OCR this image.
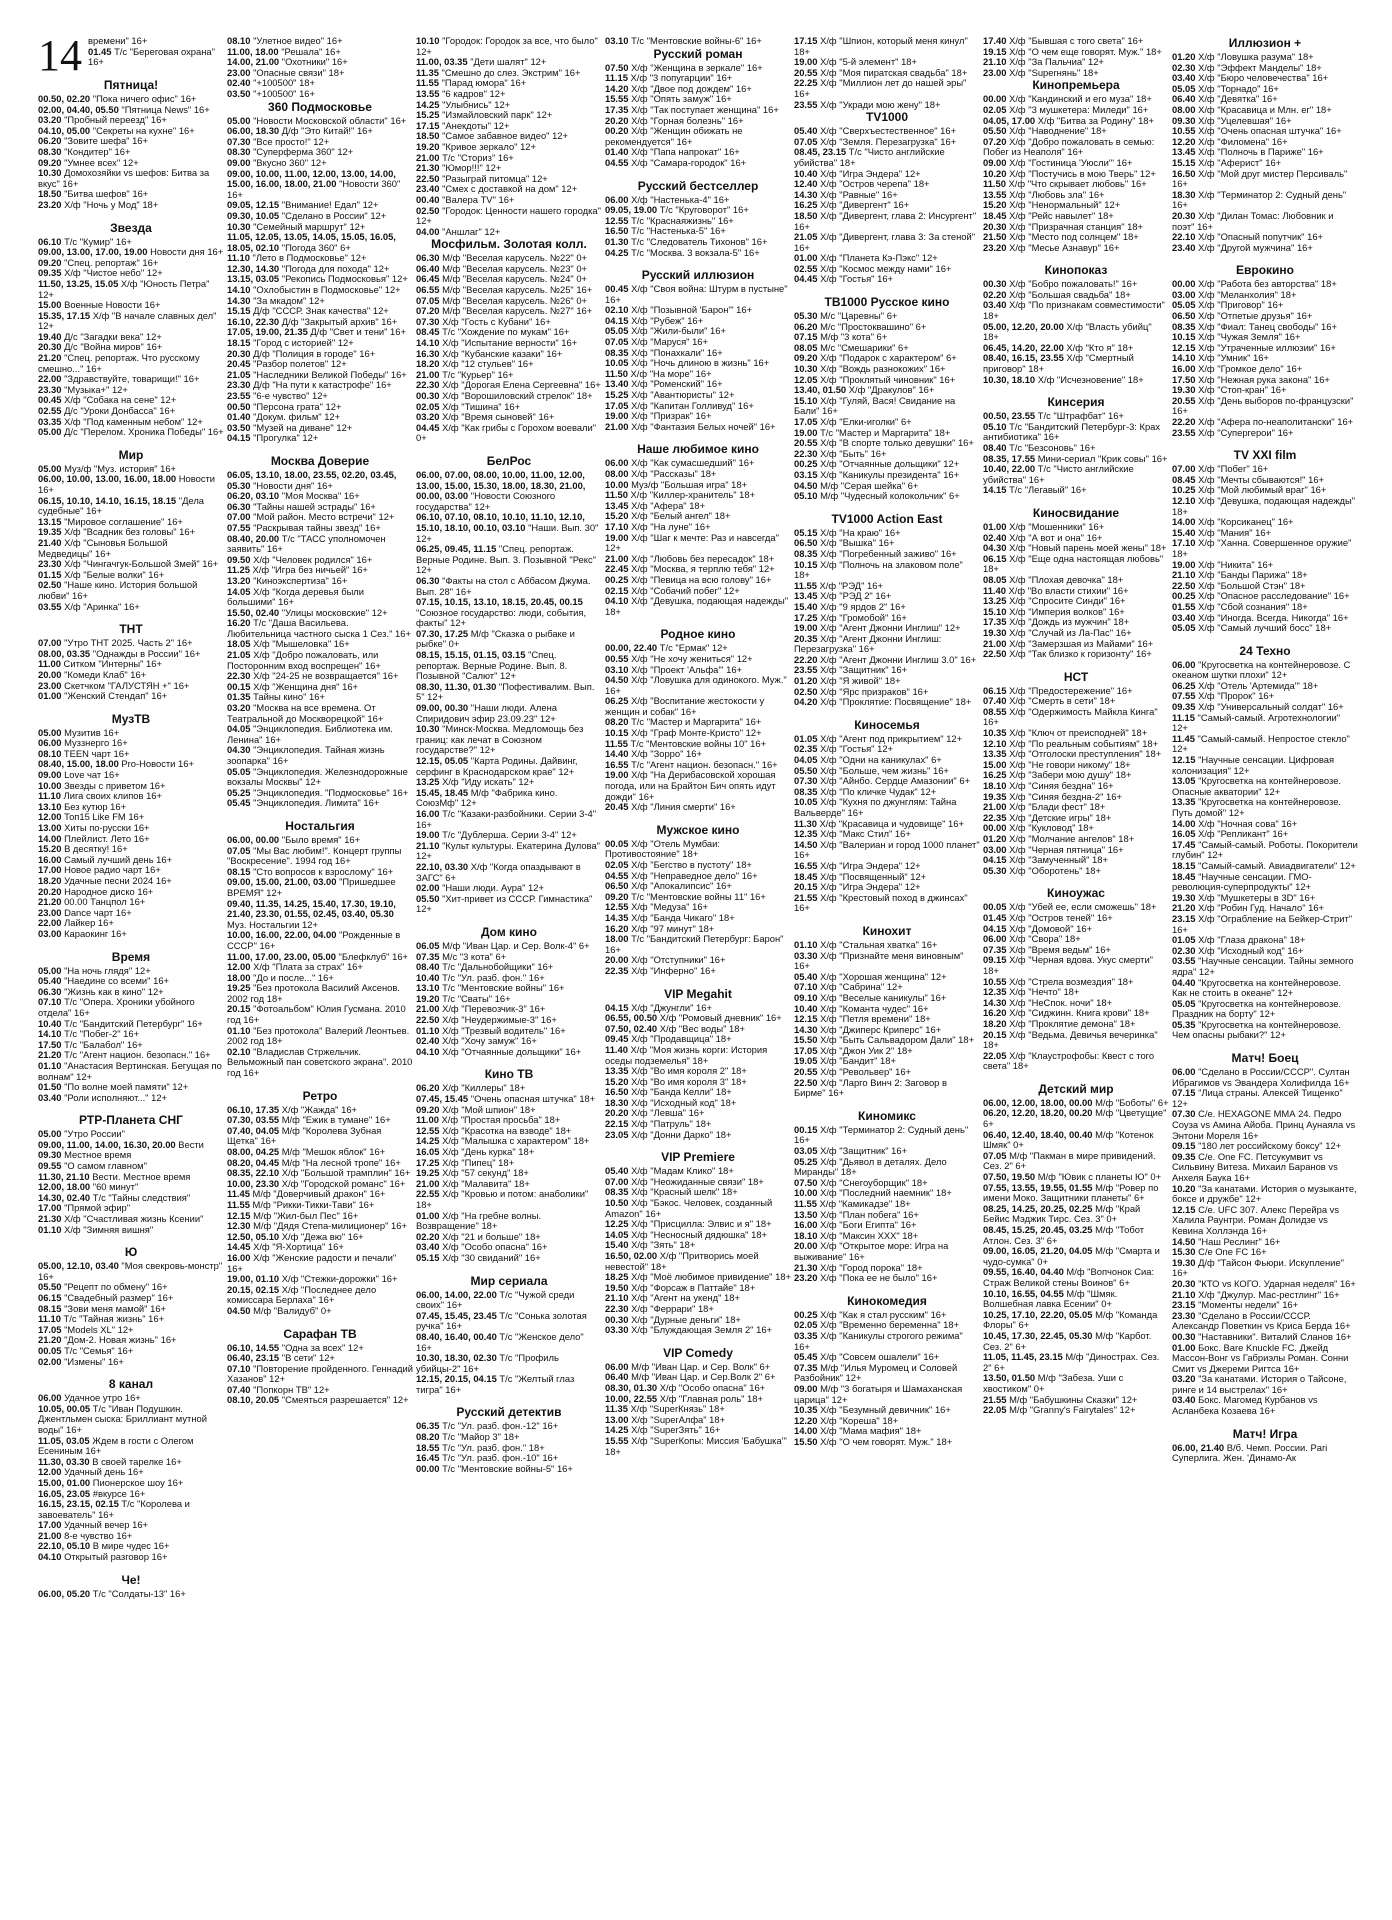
14 времени" 16+
01.45 Т/с "Береговая охрана" 16+
Пятница!
00.50, 02.20 "Пока ничего офис" 16+
02.00, 04.40, 05.50 "Пятница News" 16+
03.20 "Пробный переезд" 16+
04.10, 05.00 "Секреты на кухне" 16+
06.20 "Зовите шефа" 16+
08.30 "Кондитер" 16+
09.20 "Умнее всех" 12+
10.30 Домохозяйки vs шефов: Битва за вкус" 16+
18.50 "Битва шефов" 16+
23.20 Х/ф "Ночь у Мод" 18+
Звезда
06.10 Т/с "Кумир" 16+
09.00, 13.00, 17.00, 19.00 Новости дня 16+
09.20 "Спец. репортаж" 16+
09.35 Х/ф "Чистое небо" 12+
11.50, 13.25, 15.05 Х/ф "Юность Петра" 12+
15.00 Военные Новости 16+
15.35, 17.15 Х/ф "В начале славных дел" 12+
19.40 Д/с "Загадки века" 12+
20.30 Д/с "Война миров" 16+
21.20 "Спец. репортаж. Что русскому смешно..." 16+
22.00 "Здравствуйте, товарищи!" 16+
23.30 "Музыка+" 12+
00.45 Х/ф "Собака на сене" 12+
02.55 Д/с "Уроки Донбасса" 16+
03.35 Х/ф "Под каменным небом" 12+
05.00 Д/с "Перелом. Хроника Победы" 16+
Мир
05.00 Муз/ф "Муз. история" 16+
06.00, 10.00, 13.00, 16.00, 18.00 Новости 16+
06.15, 10.10, 14.10, 16.15, 18.15 "Дела судебные" 16+
13.15 "Мировое соглашение" 16+
19.35 Х/ф "Всадник без головы" 16+
21.40 Х/ф "Сыновья Большой Медведицы" 16+
23.30 Х/ф "Чингачгук-Большой Змей" 16+
01.15 Х/ф "Белые волки" 16+
02.50 "Наше кино. История большой любви" 16+
03.55 Х/ф "Аринка" 16+
ТНТ
07.00 "Утро ТНТ 2025. Часть 2" 16+
08.00, 03.35 "Однажды в России" 16+
11.00 Ситком "Интерны" 16+
20.00 "Комеди Клаб" 16+
23.00 Скетчком "ГАЛУСТЯН +" 16+
01.00 "Женский Стендап" 16+
МузТВ
05.00 Музитив 16+
06.00 Муззнерго 16+
08.10 TEEN чарт 16+
08.40, 15.00, 18.00 Pro-Новости 16+
09.00 Love чат 16+
10.00 Звезды с приветом 16+
11.10 Лига своих клипов 16+
13.10 Без кутюр 16+
12.00 Топ15 Like FM 16+
13.00 Хиты по-русски 16+
14.00 Плейлист. Лето 16+
15.20 В десятку! 16+
16.00 Самый лучший день 16+
17.00 Новое радио чарт 16+
18.20 Удачные песни 2024 16+
20.20 Народное диско 16+
21.20 00.00 Танцпол 16+
23.00 Dance чарт 16+
22.00 Лайкер 16+
03.00 Караокинг 16+
Время
05.00 "На ночь глядя" 12+
05.40 "Наедине со всеми" 16+
06.30 "Жизнь как в кино" 12+
07.10 Т/с "Опера. Хроники убойного отдела" 16+
10.40 Т/с "Бандитский Петербург" 16+
14.10 Т/с "Побег-2" 16+
17.50 Т/с "Балабол" 16+
21.20 Т/с "Агент национ. безопасн." 16+
01.10 "Анастасия Вертинская. Бегущая по волнам" 12+
01.50 "По волне моей памяти" 12+
03.40 "Роли исполняют..." 12+
РТР-Планета СНГ
05.00 "Утро России"
09.00, 11.00, 14.00, 16.30, 20.00 Вести
09.30 Местное время
09.55 "О самом главном"
11.30, 21.10 Вести. Местное время
12.00, 18.00 "60 минут"
14.30, 02.40 Т/с "Тайны следствия"
17.00 "Прямой эфир"
21.30 Х/ф "Счастливая жизнь Ксении"
01.10 Х/ф "Зимняя вишня"
Ю
05.00, 12.10, 03.40 "Моя свекровь-монстр" 16+
05.50 "Рецепт по обмену" 16+
06.15 "Свадебный размер" 16+
08.15 "Зови меня мамой" 16+
11.10 Т/с "Тайная жизнь" 16+
17.05 "Models XL" 12+
21.20 "Дом-2. Новая жизнь" 16+
00.05 Т/с "Семья" 16+
02.00 "Измены" 16+
8 канал
06.00 Удачное утро 16+
10.05, 00.05 Т/с "Иван Подушкин. Джентльмен сыска: Бриллиант мутной воды" 16+
11.05, 03.05 Ждем в гости с Олегом Есениным 16+
11.30, 03.30 В своей тарелке 16+
12.00 Удачный день 16+
15.00, 01.00 Пионерское шоу 16+
16.05, 23.05 #вкурсе 16+
16.15, 23.15, 02.15 Т/с "Королева и завоеватель" 16+
17.00 Удачный вечер 16+
21.00 8-е чувство 16+
22.10, 05.10 В мире чудес 16+
04.10 Открытый разговор 16+
Че!
06.00, 05.20 Т/с "Солдаты-13" 16+
08.10 "Улетное видео" 16+
11.00, 18.00 "Решала" 16+
14.00, 21.00 "Охотники" 16+
23.00 "Опасные связи" 18+
02.40 "+100500" 18+
03.50 "+100500" 16+
360 Подмосковье
05.00 "Новости Московской области" 16+
06.00, 18.30 Д/ф "Это Китай!" 16+
07.30 "Все просто!" 12+
08.30 "Суперферма 360" 12+
09.00 "Вкусно 360" 12+
09.00, 10.00, 11.00, 12.00, 13.00, 14.00, 15.00, 16.00, 18.00, 21.00 "Новости 360" 16+
09.05, 12.15 "Внимание! Едал" 12+
09.30, 10.05 "Сделано в России" 12+
10.30 "Семейный маршрут" 12+
11.05, 12.05, 13.05, 14.05, 15.05, 16.05, 18.05, 02.10 "Погода 360" 6+
11.10 "Лето в Подмосковье" 12+
12.30, 14.30 "Погода для похода" 12+
13.15, 03.05 "Рекопись Подмосковья" 12+
14.10 "Охлобыстин в Подмосковье" 12+
14.30 "За мкадом" 12+
15.15 Д/ф "СССР. Знак качества" 12+
16.10, 22.30 Д/ф "Закрытый архив" 16+
17.05, 19.00, 21.35 Д/ф "Свет и тени" 16+
18.15 "Город с историей" 12+
20.30 Д/ф "Полиция в городе" 16+
20.45 "Разбор полетов" 12+
21.05 "Наследники Великой Победы" 16+
23.30 Д/ф "На пути к катастрофе" 16+
23.55 "6-е чувство" 12+
00.50 "Персона грата" 12+
01.40 "Докум. фильм" 12+
03.50 "Музей на диване" 12+
04.15 "Прогулка" 12+
Москва Доверие
06.05, 13.10, 18.00, 23.55, 02.20, 03.45, 05.30 "Новости дня" 16+
06.20, 03.10 "Моя Москва" 16+
06.30 "Тайны нашей эстрады" 16+
07.00 "Мой район. Место встречи" 12+
07.55 "Раскрывая тайны звезд" 16+
08.40, 20.00 Т/с "ТАСС уполномочен заявить" 16+
09.50 Х/ф "Человек родился" 16+
11.25 Х/ф "Игра без ничьей" 16+
13.20 "Киноэкспертиза" 16+
14.05 Х/ф "Когда деревья были большими" 16+
15.50, 02.40 "Улицы московские" 12+
16.20 Т/с "Даша Васильева. Любительница частного сыска 1 Сез." 16+
18.05 Х/ф "Мышеловка" 16+
21.05 Х/ф "Добро пожаловать, или Посторонним вход воспрещен" 16+
22.30 Х/ф "24-25 не возвращается" 16+
00.15 Х/ф "Женщина дня" 16+
01.35 Тайны кино" 16+
03.20 "Москва на все времена. От Театральной до Москворецкой" 16+
04.05 "Энциклопедия. Библиотека им. Ленина" 16+
04.30 "Энциклопедия. Тайная жизнь зоопарка" 16+
05.05 "Энциклопедия. Железнодорожные вокзалы Москвы" 12+
05.25 "Энциклопедия. "Подмосковье" 16+
05.45 "Энциклопедия. Лимита" 16+
Ностальгия
06.00, 00.00 "Было время" 16+
07.05 "Мы Вас любим!". Концерт группы "Воскресение". 1994 год 16+
08.15 "Сто вопросов к взрослому" 16+
09.00, 15.00, 21.00, 03.00 "Пришедшее ВРЕМЯ" 12+
09.40, 11.35, 14.25, 15.40, 17.30, 19.10, 21.40, 23.30, 01.55, 02.45, 03.40, 05.30 Муз. Ностальгии 12+
10.00, 16.00, 22.00, 04.00 "Рожденные в СССР" 16+
11.00, 17.00, 23.00, 05.00 "Блефклуб" 16+
12.00 Х/ф "Плата за страх" 16+
18.00 "До и после..." 16+
19.25 "Без протокола Василий Аксенов. 2002 год 18+
20.15 "Фотоальбом" Юлия Гусмана. 2010 год 16+
01.10 "Без протокола" Валерий Леонтьев. 2002 год 18+
02.10 "Владислав Стржельчик. Вельможный пан советского экрана". 2010 год 16+
Ретро
06.10, 17.35 Х/ф "Жажда" 16+
07.30, 03.55 М/ф "Ежик в тумане" 16+
07.40, 04.05 М/ф "Королева Зубная Щетка" 16+
08.00, 04.25 М/ф "Мешок яблок" 16+
08.20, 04.45 М/ф "На лесной тропе" 16+
08.35, 22.10 Х/ф "Большой трамплин" 16+
10.00, 23.30 Х/ф "Городской романс" 16+
11.45 М/ф "Доверчивый дракон" 16+
11.55 М/ф "Рикки-Тикки-Тави" 16+
12.15 М/ф "Жил-был Пес" 16+
12.30 М/ф "Дядя Степа-милиционер" 16+
12.50, 05.10 Х/ф "Дежа вю" 16+
14.45 Х/ф "Я-Хортица" 16+
16.00 Х/ф "Женские радости и печали" 16+
19.00, 01.10 Х/ф "Стежки-дорожки" 16+
20.15, 02.15 Х/ф "Последнее дело комиссара Берлаха" 16+
04.50 М/ф "Валидуб" 0+
Сарафан ТВ
06.10, 14.55 "Одна за всех" 12+
06.40, 23.15 "В сети" 12+
07.10 "Повторение пройденного. Геннадий Хазанов" 12+
07.40 "Попкорн ТВ" 12+
08.10, 20.05 "Смеяться разрешается" 12+
10.10 "Городок: Городок за все, что было" 12+
11.00, 03.35 "Дети шалят" 12+
11.35 "Смешно до слез. Экстрим" 16+
11.55 "Парад юмора" 16+
13.55 "6 кадров" 12+
14.25 "Улыбнись" 12+
15.25 "Измайловский парк" 12+
17.15 "Анекдоты" 12+
18.50 "Самое забавное видео" 12+
19.20 "Кривое зеркало" 12+
21.00 Т/с "Сториз" 16+
21.30 "Юмор!!!" 12+
22.50 "Разыграй питомца" 12+
23.40 "Смех с доставкой на дом" 12+
00.40 "Валера TV" 16+
02.50 "Городок: Ценности нашего городка" 12+
04.00 "Аншлаг" 12+
Мосфильм. Золотая колл.
06.30 М/ф "Веселая карусель. №22" 0+
06.40 М/ф "Веселая карусель. №23" 0+
06.45 М/ф "Веселая карусель. №24" 0+
06.55 М/ф "Веселая карусель. №25" 16+
07.05 М/ф "Веселая карусель. №26" 0+
07.20 М/ф "Веселая карусель. №27" 16+
07.30 Х/ф "Гость с Кубани" 16+
08.45 Т/с "Хождение по мукам" 16+
14.10 Х/ф "Испытание верности" 16+
16.30 Х/ф "Кубанские казаки" 16+
18.20 Х/ф "12 стульев" 16+
21.00 Т/с "Курьер" 16+
22.30 Х/ф "Дорогая Елена Сергеевна" 16+
00.30 Х/ф "Ворошиловский стрелок" 18+
02.05 Х/ф "Тишина" 16+
03.20 Х/ф "Время сыновей" 16+
04.45 Х/ф "Как грибы с Горохом воевали" 0+
БелРос
06.00, 07.00, 08.00, 10.00, 11.00, 12.00, 13.00, 15.00, 15.30, 18.00, 18.30, 21.00, 00.00, 03.00 "Новости Союзного государства" 12+
06.10, 07.10, 08.10, 10.10, 11.10, 12.10, 15.10, 18.10, 00.10, 03.10 "Наши. Вып. 30" 12+
06.25, 09.45, 11.15 "Спец. репортаж. Верные Родине. Вып. 3. Позывной "Рекс" 12+
06.30 "Факты на стол с Аббасом Джума. Вып. 28" 16+
07.15, 10.15, 13.10, 18.15, 20.45, 00.15 "Союзное государство: люди, события, факты" 12+
07.30, 17.25 М/ф "Сказка о рыбаке и рыбке" 0+
08.15, 15.15, 01.15, 03.15 "Спец. репортаж. Верные Родине. Вып. 8. Позывной "Салют" 12+
08.30, 11.30, 01.30 "Пофестивалим. Вып. 5" 12+
09.00, 00.30 "Наши люди. Алена Спиридович эфир 23.09.23" 12+
10.30 "Минск-Москва. Медломощь без границ: как лечат в Союзном государстве?" 12+
12.15, 05.05 "Карта Родины. Дайвинг, серфинг в Краснодарском крае" 12+
13.25 Х/ф "Иду искать" 12+
15.45, 18.45 М/ф "Фабрика кино. СоюзМф" 12+
16.00 Т/с "Казаки-разбойники. Серии 3-4" 16+
19.00 Т/с "Дублерша. Серии 3-4" 12+
21.10 "Культ культуры. Екатерина Дулова" 12+
22.10, 03.30 Х/ф "Когда опаздывают в ЗАГС" 6+
02.00 "Наши люди. Аура" 12+
05.50 "Хит-привет из СССР. Гимнастика" 12+
Дом кино
06.05 М/ф "Иван Цар. и Сер. Волк-4" 6+
07.35 М/с "3 кота" 6+
08.40 Т/с "Дальнобойщики" 16+
10.40 Т/с "Ул. разб. фон." 16+
13.10 Т/с "Ментовские войны" 16+
19.20 Т/с "Сваты" 16+
21.00 Х/ф "Перевозчик-3" 16+
22.50 Х/ф "Неудержимые-3" 16+
01.10 Х/ф "Трезвый водитель" 16+
02.40 Х/ф "Хочу замуж" 16+
04.10 Х/ф "Отчаянные дольщики" 16+
Кино ТВ
06.20 Х/ф "Киллеры" 18+
07.45, 15.45 "Очень опасная штучка" 18+
09.20 Х/ф "Мой шпион" 18+
11.00 Х/ф "Простая просьба" 18+
12.55 Х/ф "Красотка на взводе" 18+
14.25 Х/ф "Малышка с характером" 18+
16.05 Х/ф "День курка" 18+
17.25 Х/ф "Пипец" 18+
19.25 Х/ф "57 секунд" 18+
21.00 Х/ф "Малавита" 18+
22.55 Х/ф "Кровью и потом: анаболики" 18+
01.00 Х/ф "На гребне волны. Возвращение" 18+
02.20 Х/ф "21 и больше" 18+
03.40 Х/ф "Особо опасна" 16+
05.15 Х/ф "30 свиданий" 16+
Мир сериала
06.00, 14.00, 22.00 Т/с "Чужой среди своих" 16+
07.45, 15.45, 23.45 Т/с "Сонька золотая ручка" 16+
08.40, 16.40, 00.40 Т/с "Женское дело" 16+
10.30, 18.30, 02.30 Т/с "Профиль убийцы-2" 16+
12.15, 20.15, 04.15 Т/с "Желтый глаз тигра" 16+
Русский детектив
06.35 Т/с "Ул. разб. фон.-12" 16+
08.20 Т/с "Майор 3" 18+
18.55 Т/с "Ул. разб. фон." 18+
16.45 Т/с "Ул. разб. фон.-10" 16+
00.00 Т/с "Ментовские войны-5" 16+
03.10 Т/с "Ментовские войны-6" 16+
Русский роман
07.50 Х/ф "Женщина в зеркале" 16+
11.15 Х/ф "3 попугарции" 16+
14.20 Х/ф "Двое под дождем" 16+
15.55 Х/ф "Опять замуж" 16+
17.35 Х/ф "Так поступает женщина" 16+
20.20 Х/ф "Горная болезнь" 16+
00.20 Х/ф "Женщин обижать не рекомендуется" 16+
01.40 Х/ф "Папа напрокат" 16+
04.55 Х/ф "Самара-городок" 16+
Русский бестселлер
06.00 Х/ф "Настенька-4" 16+
09.05, 19.00 Т/с "Круговорот" 16+
12.55 Т/с "Краснаяжизнь" 16+
16.50 Т/с "Настенька-5" 16+
01.30 Т/с "Следователь Тихонов" 16+
04.25 Т/с "Москва. 3 вокзала-5" 16+
Русский иллюзион
00.45 Х/ф "Своя война: Штурм в пустыне" 16+
02.10 Х/ф "Позывной 'Барон'" 16+
04.15 Х/ф "Рубеж" 16+
05.05 Х/ф "Жили-были" 16+
07.05 Х/ф "Маруся" 16+
08.35 Х/ф "Понахкали" 16+
10.05 Х/ф "Ночь длиною в жизнь" 16+
11.50 Х/ф "На море" 16+
13.40 Х/ф "Роменский" 16+
15.25 Х/ф "Авантюристы" 12+
17.05 Х/ф "Капитан Голливуд" 16+
19.00 Х/ф "Призрак" 16+
21.00 Х/ф "Фантазия Белых ночей" 16+
Наше любимое кино
06.00 Х/ф "Как сумасшедший" 16+
08.00 Х/ф "Рассказы" 18+
10.00 Муз/ф "Большая игра" 18+
11.50 Х/ф "Киллер-хранитель" 18+
13.45 Х/ф "Афера" 18+
15.20 Х/ф "Белый ангел" 18+
17.10 Х/ф "На луне" 16+
19.00 Х/ф "Шаг к мечте: Раз и навсегда" 12+
21.00 Х/ф "Любовь без пересадок" 18+
22.45 Х/ф "Москва, я терплю тебя" 12+
00.25 Х/ф "Певица на всю голову" 16+
02.15 Х/ф "Собачий побег" 12+
04.10 Х/ф "Девушка, подающая надежды" 18+
Родное кино
00.00, 22.40 Т/с "Ермак" 12+
00.55 Х/ф "Не хочу жениться" 12+
03.10 Х/ф "Проект 'Альфа'" 16+
04.50 Х/ф "Ловушка для одинокого. Муж." 16+
06.25 Х/ф "Воспитание жестокости у женщин и собак" 16+
08.20 Т/с "Мастер и Маргарита" 16+
10.15 Х/ф "Граф Монте-Кристо" 12+
11.55 Т/с "Ментовские войны 10" 16+
14.40 Х/ф "Зорро" 16+
16.55 Т/с "Агент национ. безопасн." 16+
19.00 Х/ф "На Дерибасовской хорошая погода, или на Брайтон Бич опять идут дожди" 16+
20.45 Х/ф "Линия смерти" 16+
Мужское кино
00.05 Х/ф "Отель Мумбаи: Противостояние" 18+
02.05 Х/ф "Бегство в пустоту" 18+
04.55 Х/ф "Неправедное дело" 16+
06.50 Х/ф "Апокалипсис" 16+
09.20 Т/с "Ментовские войны 11" 16+
12.55 Х/ф "Медуза" 16+
14.35 Х/ф "Банда Чикаго" 18+
16.20 Х/ф "97 минут" 18+
18.00 Т/с "Бандитский Петербург: Барон" 16+
20.00 Х/ф "Отступники" 16+
22.35 Х/ф "Инферно" 16+
VIP Megahit
04.15 Х/ф "Джунгли" 16+
06.55, 00.50 Х/ф "Ромовый дневник" 16+
07.50, 02.40 Х/ф "Вес воды" 18+
09.45 Х/ф "Продавщица" 18+
11.40 Х/ф "Моя жизнь корги: История оседы подземелья" 18+
13.35 Х/ф "Во имя короля 2" 18+
15.20 Х/ф "Во имя короля 3" 18+
16.50 Х/ф "Банда Келли" 18+
18.30 Х/ф "Исходный код" 18+
20.20 Х/ф "Левша" 16+
22.15 Х/ф "Патруль" 18+
23.05 Х/ф "Донни Дарко" 18+
VIP Premiere
05.40 Х/ф "Мадам Клико" 18+
07.00 Х/ф "Неожиданные связи" 18+
08.35 Х/ф "Красный шелк" 18+
10.50 Х/ф "Бэкос. Человек, созданный Amazon" 16+
12.25 Х/ф "Присцилла: Элвис и я" 18+
14.05 Х/ф "Несносный дядюшка" 18+
15.40 Х/ф "Зять" 18+
16.50, 02.00 Х/ф "Притворись моей невестой" 18+
18.25 Х/ф "Моё любимое привидение" 18+
19.50 Х/ф "Форсаж в Паттайе" 18+
21.10 Х/ф "Агент на укенд" 18+
22.30 Х/ф "Феррари" 18+
00.30 Х/ф "Дурные деньги" 18+
03.30 Х/ф "Блуждающая Земля 2" 16+
VIP Comedy
06.00 М/ф "Иван Цар. и Сер. Волк" 6+
06.40 М/ф "Иван Цар. и Сер.Волк 2" 6+
08.30, 01.30 Х/ф "Особо опасна" 16+
10.00, 22.55 Х/ф "Главная роль" 18+
11.35 Х/ф "SuperКнязь" 18+
13.00 Х/ф "SuperАлфа" 18+
14.25 Х/ф "SuperЗять" 16+
15.55 Х/ф "SuperКопы: Миссия 'Бабушка'" 18+
17.15 Х/ф "Шпион, который меня кинул" 18+
19.00 Х/ф "5-й элемент" 18+
20.55 Х/ф "Моя пиратская свадьба" 18+
22.25 Х/ф "Миллион лет до нашей эры" 16+
23.55 Х/ф "Укради мою жену" 18+
TV1000
05.40 Х/ф "Сверхъестественное" 16+
07.05 Х/ф "Земля. Перезагрузка" 16+
08.45, 23.15 Т/с "Чисто английские убийства" 18+
10.40 Х/ф "Игра Эндера" 12+
12.40 Х/ф "Остров черепа" 18+
14.30 Х/ф "Равные" 16+
16.25 Х/ф "Дивергент" 16+
18.50 Х/ф "Дивергент, глава 2: Инсургент" 16+
21.05 Х/ф "Дивергент, глава 3: За стеной" 16+
01.00 Х/ф "Планета Кэ-Пэкс" 12+
02.55 Х/ф "Космос между нами" 16+
04.45 Х/ф "Гостья" 16+
ТВ1000 Русское кино
05.30 М/с "Царевны" 6+
06.20 М/с "Простоквашино" 6+
07.15 М/ф "3 кота" 6+
08.05 М/с "Смешарики" 6+
09.20 Х/ф "Подарок с характером" 6+
10.30 Х/ф "Вождь разнокожих" 16+
12.05 Х/ф "Проклятый чиновник" 16+
13.40, 01.50 Х/ф "Дракулов" 16+
15.10 Х/ф "Гуляй, Вася! Свидание на Бали" 16+
17.05 Х/ф "Елки-иголки" 6+
19.00 Т/с "Мастер и Маргарита" 18+
20.55 Х/ф "В спорте только девушки" 16+
22.30 Х/ф "Быть" 16+
00.25 Х/ф "Отчаянные дольщики" 12+
03.15 Х/ф "Каникулы президента" 16+
04.50 М/ф "Серая шейка" 6+
05.10 М/ф "Чудесный колокольчик" 6+
TV1000 Action East
05.15 Х/ф "На краю" 16+
06.50 Х/ф "Вышка" 16+
08.35 Х/ф "Погребенный заживо" 16+
10.15 Х/ф "Полночь на злаковом поле" 18+
11.55 Х/ф "РЭД" 16+
13.45 Х/ф "РЭД 2" 16+
15.40 Х/ф "9 ярдов 2" 16+
17.25 Х/ф "Громобой" 16+
19.00 Х/ф "Агент Джонни Инглиш" 12+
20.35 Х/ф "Агент Джонни Инглиш: Перезагрузка" 16+
22.20 Х/ф "Агент Джонни Инглиш 3.0" 16+
23.55 Х/ф "Защитник" 16+
01.20 Х/ф "Я живой" 18+
02.50 Х/ф "Ярс призраков" 16+
04.20 Х/ф "Проклятие: Посвящение" 18+
Киносемья
01.05 Х/ф "Агент под прикрытием" 12+
02.35 Х/ф "Гостья" 12+
04.05 Х/ф "Одни на каникулах" 6+
05.50 Х/ф "Больше, чем жизнь" 16+
07.30 Х/ф "Айнбо. Сердце Амазонии" 6+
08.35 Х/ф "По кличке Чудак" 12+
10.05 Х/ф "Кухня по джунглям: Тайна Вальверде" 16+
11.30 Х/ф "Красавица и чудовище" 16+
12.35 Х/ф "Макс Стил" 16+
14.50 Х/ф "Валериан и город 1000 планет" 16+
16.55 Х/ф "Игра Эндера" 12+
18.45 Х/ф "Посвященный" 12+
20.15 Х/ф "Игра Эндера" 12+
21.55 Х/ф "Крестовый поход в джинсах" 16+
Кинохит
01.10 Х/ф "Стальная хватка" 16+
03.30 Х/ф "Признайте меня виновным" 16+
05.40 Х/ф "Хорошая женщина" 12+
07.10 Х/ф "Сабрина" 12+
09.10 Х/ф "Веселые каникулы" 16+
10.40 Х/ф "Команта чудес" 16+
12.15 Х/ф "Петля времени" 18+
14.30 Х/ф "Джиперс Криперс" 16+
15.50 Х/ф "Быть Сальвадором Дали" 18+
17.05 Х/ф "Джон Уик 2" 18+
19.05 Х/ф "Бандит" 18+
20.55 Х/ф "Револьвер" 16+
22.50 Х/ф "Ларго Винч 2: Заговор в Бирме" 16+
Киномикс
00.15 Х/ф "Терминатор 2: Судный день" 16+
03.05 Х/ф "Защитник" 16+
05.25 Х/ф "Дьявол в деталях. Дело Миранды" 18+
07.50 Х/ф "Снегоуборщик" 18+
10.00 Х/ф "Последний наемник" 18+
11.55 Х/ф "Камикадзе" 18+
13.50 Х/ф "План побега" 16+
16.00 Х/ф "Боги Египта" 16+
18.10 Х/ф "Максин ХХХ" 18+
20.00 Х/ф "Открытое море: Игра на выживание" 16+
21.30 Х/ф "Город порока" 18+
23.20 Х/ф "Пока ее не было" 16+
Кинокомедия
00.25 Х/ф "Как я стал русским" 16+
02.05 Х/ф "Временно беременна" 18+
03.35 Х/ф "Каникулы строгого режима" 16+
05.45 Х/ф "Совсем ошалели" 16+
07.35 М/ф "Илья Муромец и Соловей Разбойник" 12+
09.00 М/ф "3 богатыря и Шамаханская царица" 12+
10.35 Х/ф "Безумный девичник" 16+
12.20 Х/ф "Кореша" 18+
14.00 Х/ф "Мама мафия" 18+
15.50 Х/ф "О чем говорят. Муж." 18+
17.40 Х/ф "Бывшая с того света" 16+
19.15 Х/ф "О чем еще говорят. Муж." 18+
21.10 Х/ф "За Пальчиа" 12+
23.00 Х/ф "Superнянь" 18+
Кинопремьера
00.00 Х/ф "Кандинский и его муза" 18+
02.05 Х/ф "3 мушкетера: Миледи" 16+
04.05, 17.00 Х/ф "Битва за Родину" 18+
05.50 Х/ф "Наводнение" 18+
07.20 Х/ф "Добро пожаловать в семью: Побег из Неаполя" 16+
09.00 Х/ф "Гостиница 'Уюсли'" 16+
10.20 Х/ф "Постучись в мою Тверь" 12+
11.50 Х/ф "Что скрывает любовь" 16+
13.55 Х/ф "Любовь зла" 16+
15.20 Х/ф "Ненормальный" 12+
18.45 Х/ф "Рейс навылет" 18+
20.30 Х/ф "Призрачная станция" 18+
21.50 Х/ф "Место под солнцем" 18+
23.20 Х/ф "Месье Азнавур" 16+
Кинопоказ
00.30 Х/ф "Бобро пожаловать!" 16+
02.20 Х/ф "Большая свадьба" 18+
03.40 Х/ф "По признакам совместимости" 18+
05.00, 12.20, 20.00 Х/ф "Власть убийц" 18+
06.45, 14.20, 22.00 Х/ф "Кто я" 18+
08.40, 16.15, 23.55 Х/ф "Смертный приговор" 18+
10.30, 18.10 Х/ф "Исчезновение" 18+
Кинсерия
00.50, 23.55 Т/с "Штрафбат" 16+
05.10 Т/с "Бандитский Петербург-3: Крах антибиотика" 16+
08.40 Т/с "Безсоновь" 16+
08.35, 17.55 Мини-сериал "Крик совы" 16+
10.40, 22.00 Т/с "Чисто английские убийства" 16+
14.15 Т/с "Легавый" 16+
Киносвидание
01.00 Х/ф "Мошенники" 16+
02.40 Х/ф "А вот и она" 16+
04.30 Х/ф "Новый парень моей жены" 18+
06.15 Х/ф "Еще одна настоящая любовь" 18+
08.05 Х/ф "Плохая девочка" 18+
11.40 Х/ф "Во власти стихии" 16+
13.25 Х/ф "Спросите Синди" 16+
15.10 Х/ф "Империя волков" 16+
17.35 Х/ф "Дождь из мужчин" 18+
19.30 Х/ф "Случай из Ла-Пас" 16+
21.00 Х/ф "Замерзшая из Майами" 16+
22.50 Х/ф "Так близко к горизонту" 16+
НСТ
06.15 Х/ф "Предостережение" 16+
07.40 Х/ф "Смерть в сети" 18+
08.55 Х/ф "Одержимость Майкла Кинга" 16+
10.35 Х/ф "Ключ от преисподней" 18+
12.10 Х/ф "По реальным событиям" 18+
13.35 Х/ф "Отголоски преступления" 18+
15.00 Х/ф "Не говори никому" 18+
16.25 Х/ф "Забери мою душу" 18+
18.10 Х/ф "Синяя бездна" 16+
19.35 Х/ф "Синяя бездна-2" 16+
21.00 Х/ф "Блади фест" 18+
22.35 Х/ф "Детские игры" 18+
00.00 Х/ф "Кукловод" 18+
01.20 Х/ф "Молчание ангелов" 18+
03.00 Х/ф "Черная пятница" 16+
04.15 Х/ф "Замученный" 18+
05.30 Х/ф "Оборотень" 18+
Киноужас
00.05 Х/ф "Убей ее, если сможешь" 18+
01.45 Х/ф "Остров теней" 16+
04.15 Х/ф "Домовой" 16+
06.00 Х/ф "Свора" 18+
07.35 Х/ф "Время ведьм" 16+
09.15 Х/ф "Черная вдова. Укус смерти" 18+
10.55 Х/ф "Стрела возмездия" 18+
12.35 Х/ф "Нечто" 18+
14.30 Х/ф "НеСпок. ночи" 18+
16.20 Х/ф "Сиджинн. Книга крови" 18+
18.20 Х/ф "Проклятие демона" 18+
20.15 Х/ф "Ведьма. Девичья вечеринка" 18+
22.05 Х/ф "Клаустрофобы: Квест с того света" 18+
Детский мир
06.00, 12.00, 18.00, 00.00 М/ф "Боботы" 6+
06.20, 12.20, 18.20, 00.20 М/ф "Цветущие" 6+
06.40, 12.40, 18.40, 00.40 М/ф "Котенок Шмяк" 0+
07.05 М/ф "Пакман в мире привидений. Сез. 2" 6+
07.50, 19.50 М/ф "Ювик с планеты Ю" 0+
07.55, 13.55, 19.55, 01.55 М/ф "Ровер по имени Моко. Защитники планеты" 6+
08.25, 14.25, 20.25, 02.25 М/ф "Край Бейис Мэджик Тирс. Сез. 3" 0+
08.45, 15.25, 20.45, 03.25 М/ф "Тобот Атлон. Сез. 3" 6+
09.00, 16.05, 21.20, 04.05 М/ф "Смарта и чудо-сумка" 0+
09.55, 16.40, 04.40 М/ф "Вопчонок Сиа: Страж Великой стены Воинов" 6+
10.10, 16.55, 04.55 М/ф "Шмяк. Волшебная лавка Есении" 0+
10.25, 17.10, 22.20, 05.05 М/ф "Команда Флоры" 6+
10.45, 17.30, 22.45, 05.30 М/ф "Карбот. Сез. 2" 6+
11.05, 11.45, 23.15 М/ф "Динострах. Сез. 2" 6+
13.50, 01.50 М/ф "Забеза. Уши с хвостиком" 0+
21.55 М/ф "Бабушкины Сказки" 12+
22.05 М/ф "Granny's Fairytales" 12+
Иллюзион +
01.20 Х/ф "Ловушка разума" 18+
02.30 Х/ф "Эффект Манделы" 18+
03.40 Х/ф "Бюро человечества" 16+
05.05 Х/ф "Торнадо" 16+
06.40 Х/ф "Девятка" 16+
08.00 Х/ф "Красавица и Млн. ег" 18+
09.30 Х/ф "Уцелевшая" 16+
10.55 Х/ф "Очень опасная штучка" 16+
12.20 Х/ф "Филомена" 16+
13.45 Х/ф "Полночь в Париже" 16+
15.15 Х/ф "Аферист" 16+
16.50 Х/ф "Мой друг мистер Персиваль" 16+
18.30 Х/ф "Терминатор 2: Судный день" 16+
20.30 Х/ф "Дилан Томас: Любовник и поэт" 16+
22.10 Х/ф "Опасный попутчик" 16+
23.40 Х/ф "Другой мужчина" 16+
Еврокино
00.00 Х/ф "Работа без авторства" 18+
03.00 Х/ф "Меланхолия" 18+
05.05 Х/ф "Приговор" 16+
06.50 Х/ф "Отпетые друзья" 16+
08.35 Х/ф "Фиал: Танец свободы" 16+
10.15 Х/ф "Чужая Земля" 16+
12.15 Х/ф "Утраченные иллюзии" 16+
14.10 Х/ф "Умник" 16+
16.00 Х/ф "Громкое дело" 16+
17.50 Х/ф "Нежная рука закона" 16+
19.30 Х/ф "Стоп-кран" 16+
20.55 Х/ф "День выборов по-французски" 16+
22.20 Х/ф "Афера по-неаполитански" 16+
23.55 Х/ф "Супергерои" 16+
TV XXI film
07.00 Х/ф "Побег" 16+
08.45 Х/ф "Мечты сбываются!" 16+
10.25 Х/ф "Мой любимый враг" 16+
12.10 Х/ф "Девушка, подающая надежды" 18+
14.00 Х/ф "Корсиканец" 16+
15.40 Х/ф "Мания" 16+
17.10 Х/ф "Ханна. Совершенное оружие" 18+
19.00 Х/ф "Никита" 16+
21.10 Х/ф "Банды Парижа" 18+
22.50 Х/ф "Большой Стэн" 18+
00.25 Х/ф "Опасное расследование" 16+
01.55 Х/ф "Сбой сознания" 18+
03.40 Х/ф "Иногда. Всегда. Никогда" 16+
05.05 Х/ф "Самый лучший босс" 18+
24 Техно
06.00 "Кругосветка на контейнеровозе. С океаном шутки плохи" 12+
06.25 Х/ф "Отель 'Артемида'" 18+
07.55 Х/ф "Пророк" 16+
09.35 Х/ф "Универсальный солдат" 16+
11.15 "Самый-самый. Агротехнологии" 12+
11.45 "Самый-самый. Непростое стекло" 12+
12.15 "Научные сенсации. Цифровая колонизация" 12+
13.05 "Кругосветка на контейнеровозе. Опасные акватории" 12+
13.35 "Кругосветка на контейнеровозе. Путь домой" 12+
14.00 Х/ф "Ночная сова" 16+
16.05 Х/ф "Репликант" 16+
17.45 "Самый-самый. Роботы. Покорители глубин" 12+
18.15 "Самый-самый. Авиадвигатели" 12+
18.45 "Научные сенсации. ГМО-революция-суперпродукты" 12+
19.30 Х/ф "Мушкетеры в 3D" 16+
21.20 Х/ф "Робин Гуд. Начало" 16+
23.15 Х/ф "Ограбление на Бейкер-Стрит" 16+
01.05 Х/ф "Глаза дракона" 18+
02.30 Х/ф "Исходный код" 16+
03.55 "Научные сенсации. Тайны земного ядра" 12+
04.40 "Кругосветка на контейнеровозе. Как не стоить в океане" 12+
05.05 "Кругосветка на контейнеровозе. Праздник на борту" 12+
05.35 "Кругосветка на контейнеровозе. Чем опасны рыбаки?" 12+
Матч! Боец
06.00 "Сделано в России/СССР". Султан Ибрагимов vs Эвандера Холифилда 16+
07.15 "Лица страны. Алексей Тищенко" 12+
07.30 С/е. HEXAGONE ММА 24. Педро Соуза vs Амина Айоба. Принц Аунаяла vs Энтони Мореля 16+
09.15 "180 лет российскому боксу" 12+
09.35 С/е. One FC. Петсукумвит vs Сильвину Витеза. Михаил Баранов vs Анхеля Баука 16+
10.20 "За канатами. История о музыканте, боксе и дружбе" 12+
12.15 С/е. UFC 307. Алекс Перейра vs Халила Раунтри. Роман Долидзе vs Кевина Холлэнда 16+
14.50 "Наш Реслинг" 16+
15.30 С/е One FC 16+
19.30 Д/ф "Тайсон Фьюри. Искупление" 16+
20.30 "КТО vs КОГО. Ударная неделя" 16+
21.10 Х/ф "Джулур. Мас-рестлинг" 16+
23.15 "Моменты недели" 16+
23.30 "Сделано в России/СССР. Александр Поветкин vs Криса Берда 16+
00.30 "Наставники". Виталий Сланов 16+
01.00 Бокс. Bare Knuckle FC. Джейд Массон-Вонг vs Габриэлы Роман. Сонни Смит vs Джереми Ригтса 16+
03.20 "За канатами. История о Тайсоне, ринге и 14 выстрелах" 16+
03.40 Бокс. Магомед Курбанов vs Асланбека Козаева 16+
Матч! Игра
06.00, 21.40 В/б. Чемп. России. Pari Суперлига. Жен. 'Динамо-Ак
